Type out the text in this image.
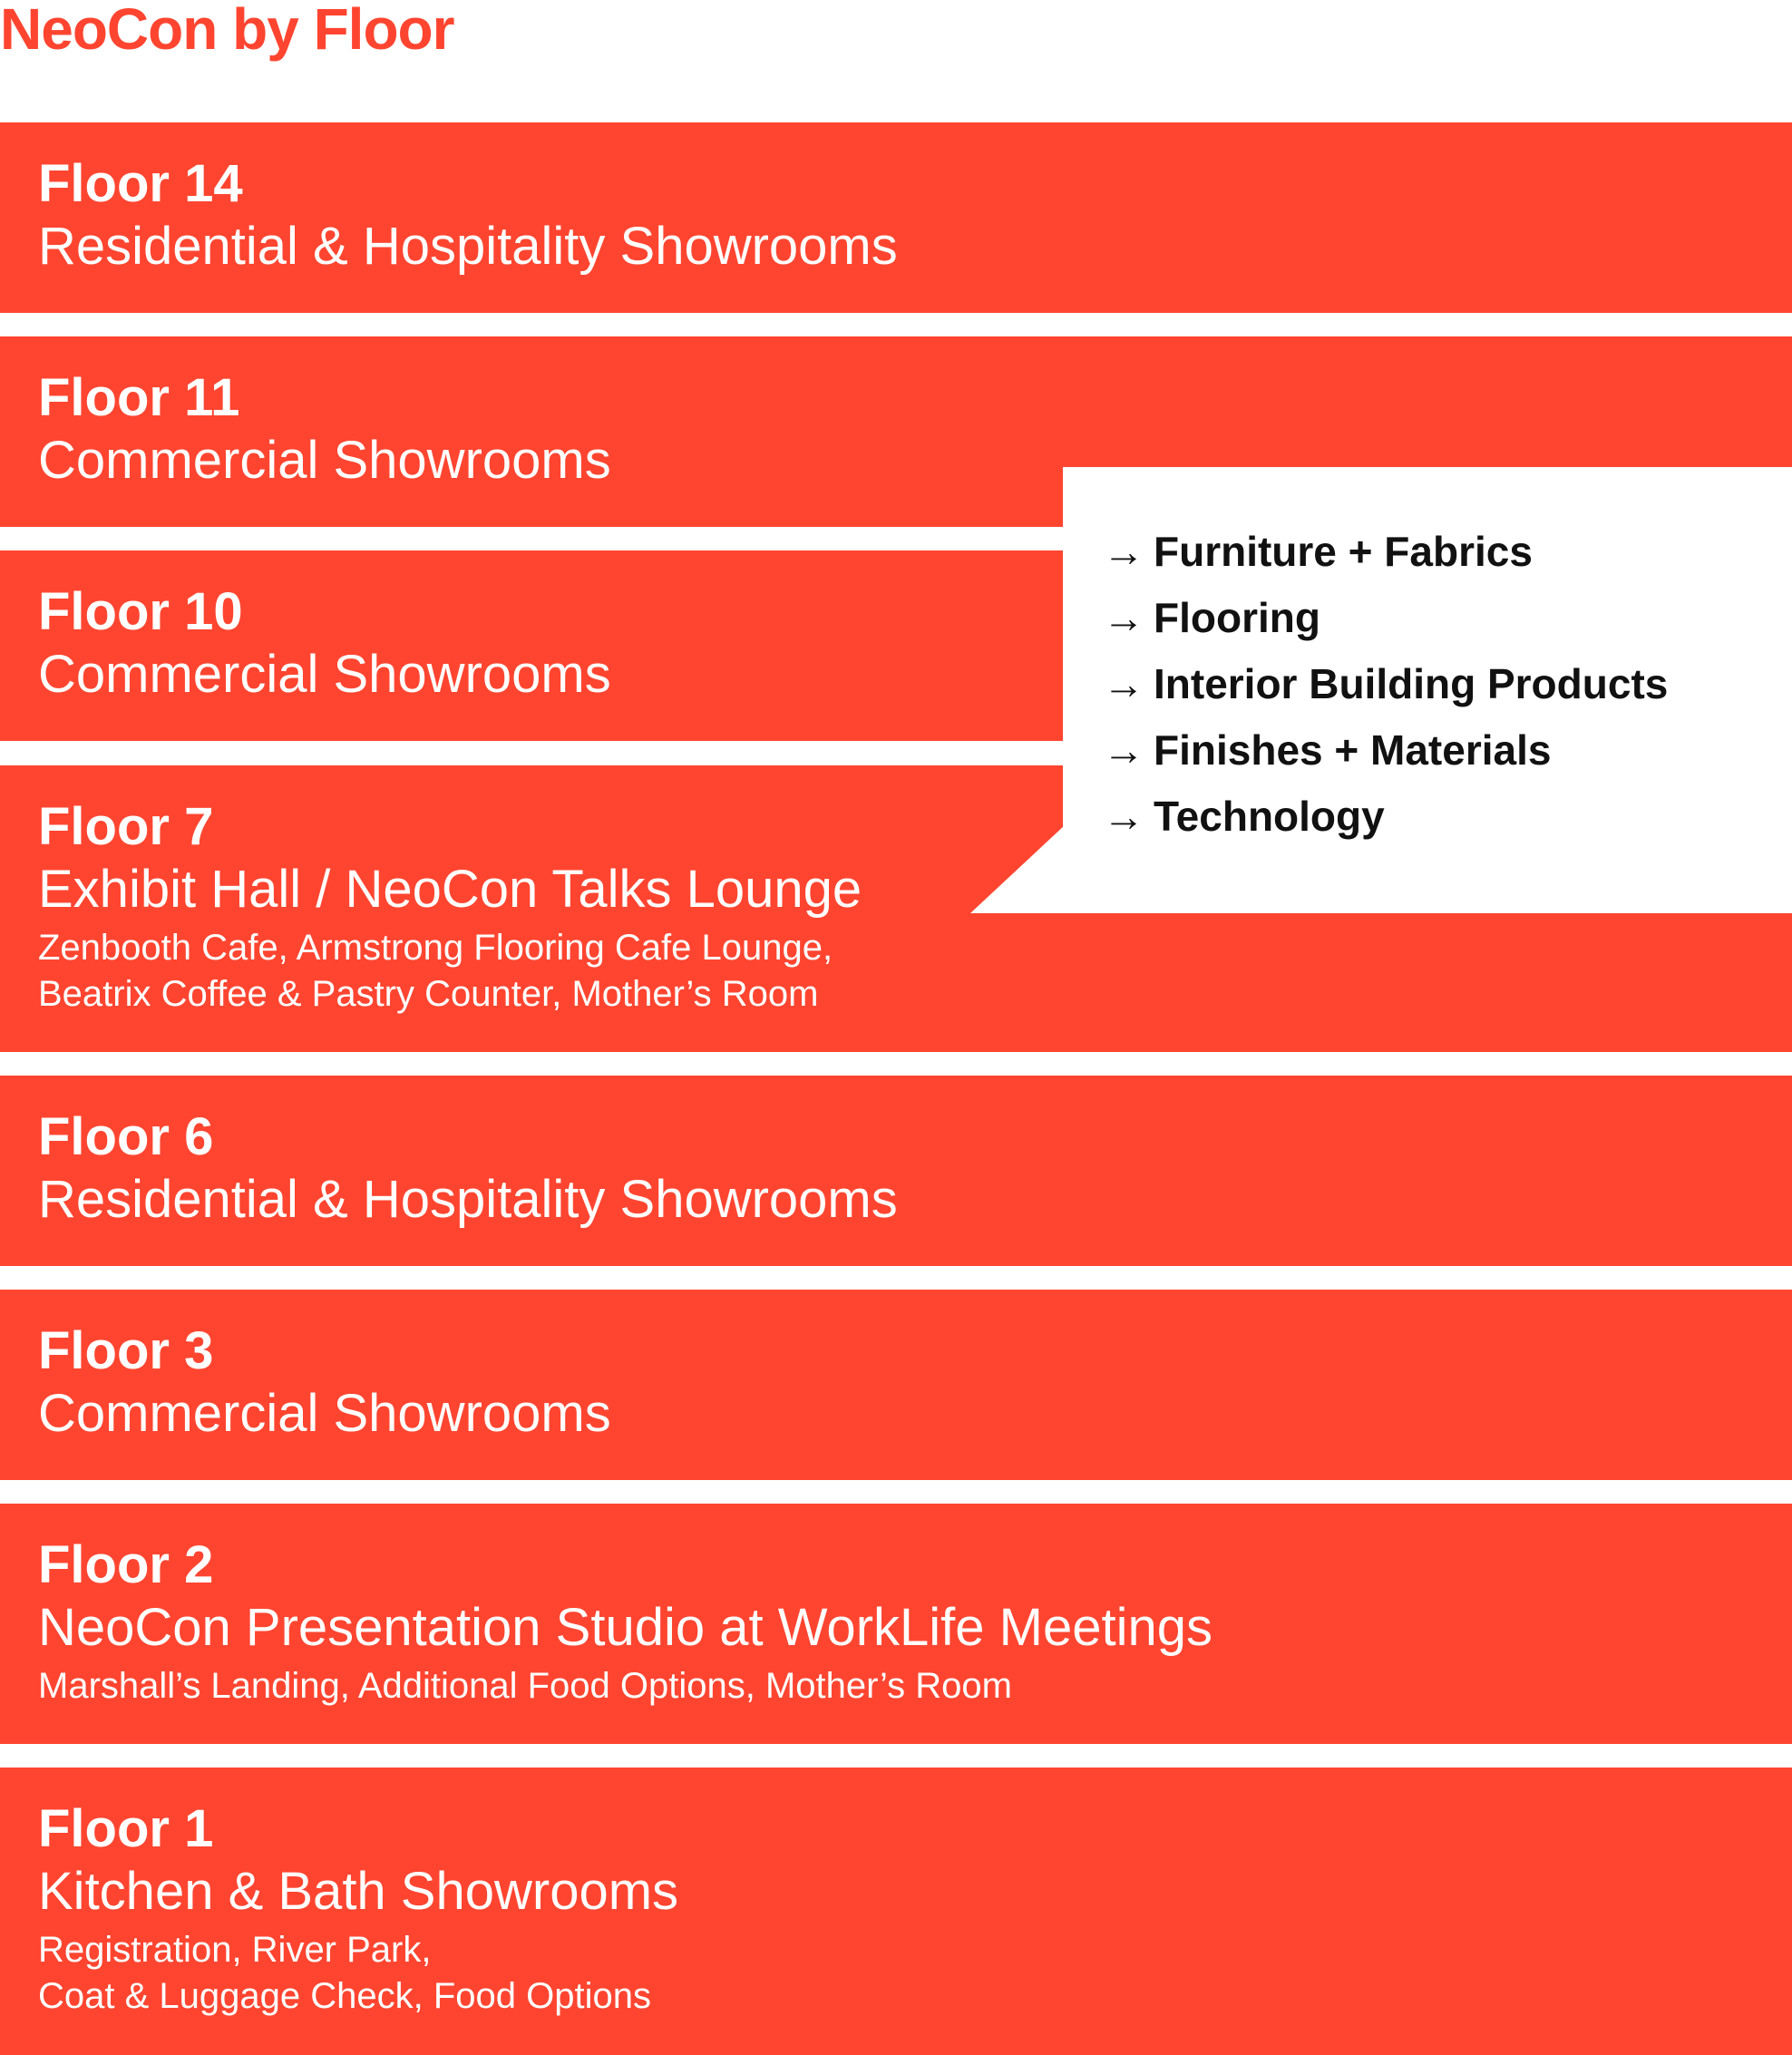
NeoCon by Floor
Floor 14
Residential & Hospitality Showrooms
Floor 11
Commercial Showrooms
Floor 10
Commercial Showrooms
Floor 7
Exhibit Hall / NeoCon Talks Lounge
Zenbooth Cafe, Armstrong Flooring Cafe Lounge,
Beatrix Coffee & Pastry Counter, Mother’s Room
Floor 6
Residential & Hospitality Showrooms
Floor 3
Commercial Showrooms
Floor 2
NeoCon Presentation Studio at WorkLife Meetings
Marshall’s Landing, Additional Food Options, Mother’s Room
Floor 1
Kitchen & Bath Showrooms
Registration, River Park,
Coat & Luggage Check, Food Options
→ Furniture + Fabrics
→ Flooring
→ Interior Building Products
→ Finishes + Materials
→ Technology
